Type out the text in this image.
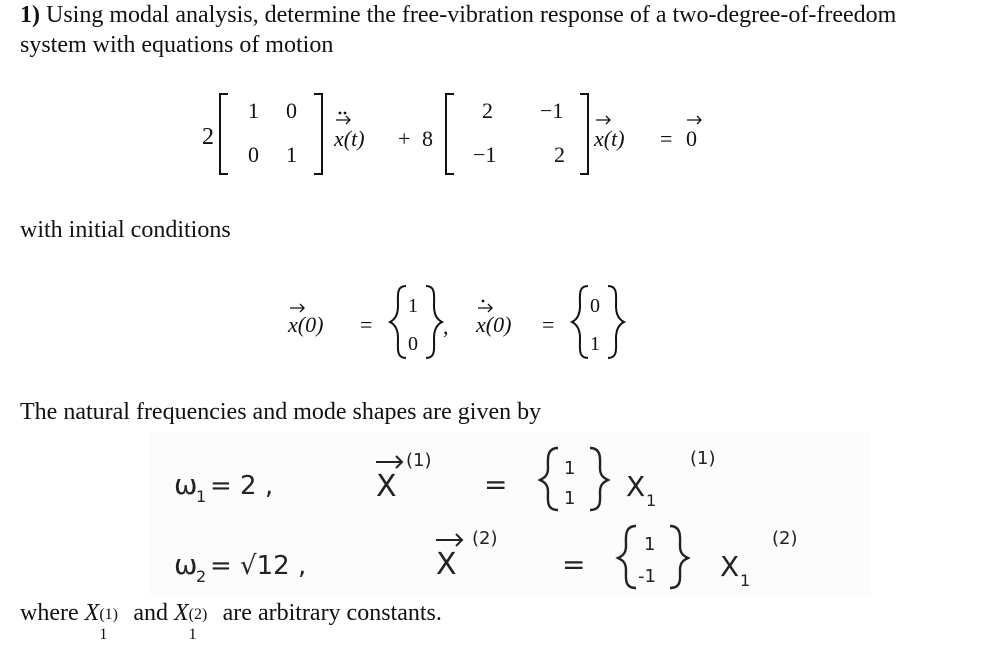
1) Using modal analysis, determine the free-vibration response of a two-degree-of-freedom
system with equations of motion
2
1 0
0 1
x(t) + 8
2 −1
−1	2
x(t) = 0
with initial conditions
x(0) =
1
0
, x(0) =
0
1
The natural frequencies and mode shapes are given by
ω
1 = 2 ,	X
(1)
=	1
1 X 1
(1)
ω
2 = √12 ,	X
(2)
=
1
-1 X 1
(2)
where X (1)
1
and X (2)
1
are arbitrary constants.
